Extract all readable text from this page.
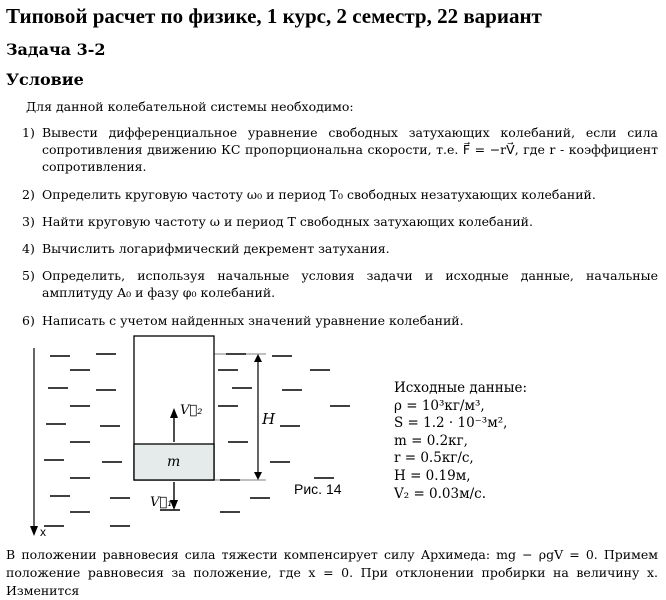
Типовой расчет по физике, 1 курс, 2 семестр, 22 вариант
Задача 3-2
Условие
Для данной колебательной системы необходимо:
1) Вывести дифференциальное уравнение свободных затухающих колебаний, если сила сопротивления движению КС пропорциональна скорости, т.е. F⃗ = −rV⃗, где r - коэффициент сопротивления.
2) Определить круговую частоту ω₀ и период T₀ свободных незатухающих колебаний.
3) Найти круговую частоту ω и период T свободных затухающих колебаний.
4) Вычислить логарифмический декремент затухания.
5) Определить, используя начальные условия задачи и исходные данные, начальные амплитуду A₀ и фазу φ₀ колебаний.
6) Написать с учетом найденных значений уравнение колебаний.
x
m
V⃗₂
V⃗₁
H
Рис. 14
Исходные данные:
ρ = 10³кг/м³,
S = 1.2 · 10⁻³м²,
m = 0.2кг,
r = 0.5кг/с,
H = 0.19м,
V₂ = 0.03м/с.
В положении равновесия сила тяжести компенсирует силу Архимеда: mg − ρgV = 0. Примем положение равновесия за положение, где x = 0. При отклонении пробирки на величину x. Изменится
